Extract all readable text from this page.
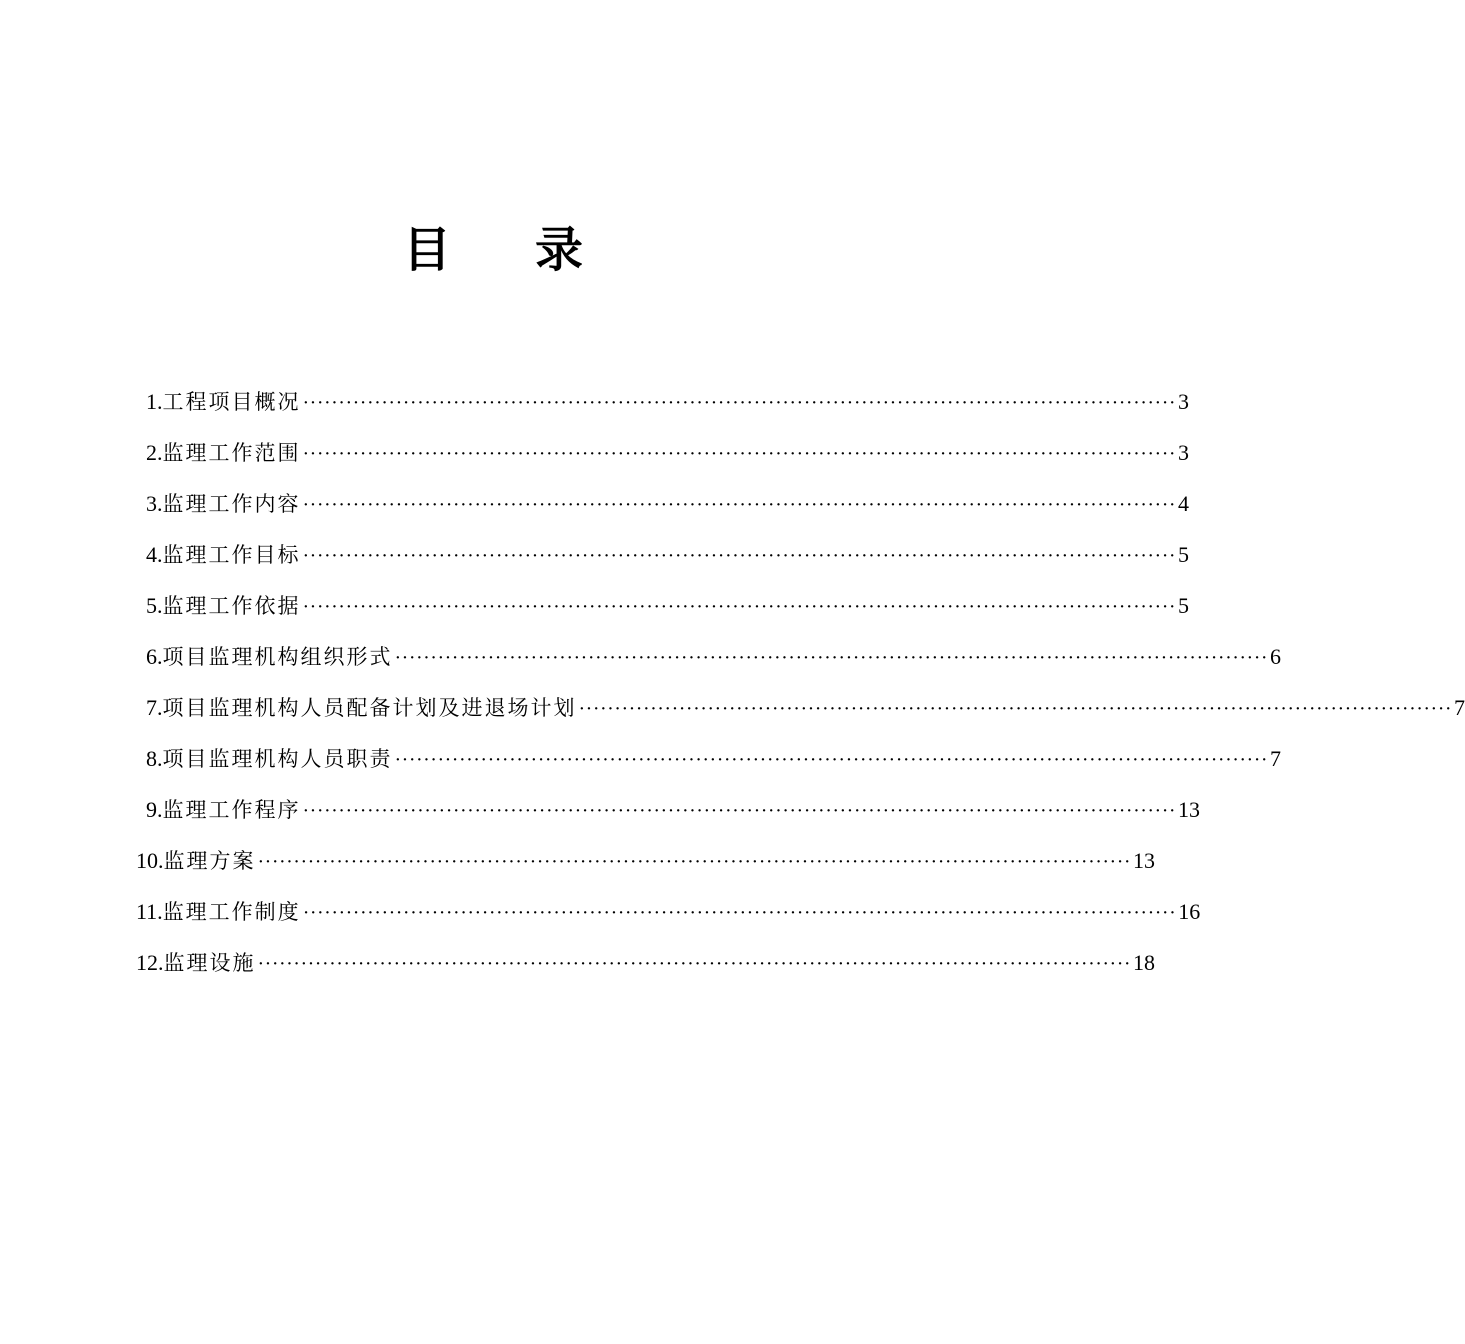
目 录
1. 工程项目概况 ·························································································································· 3
2. 监理工作范围 ·························································································································· 3
3. 监理工作内容 ·························································································································· 4
4. 监理工作目标 ·························································································································· 5
5. 监理工作依据 ·························································································································· 5
6. 项目监理机构组织形式 ·························································································································· 6
7. 项目监理机构人员配备计划及进退场计划 ·························································································································· 7
8. 项目监理机构人员职责 ·························································································································· 7
9. 监理工作程序 ·························································································································· 13
10. 监理方案 ·························································································································· 13
11. 监理工作制度 ·························································································································· 16
12. 监理设施 ·························································································································· 18
